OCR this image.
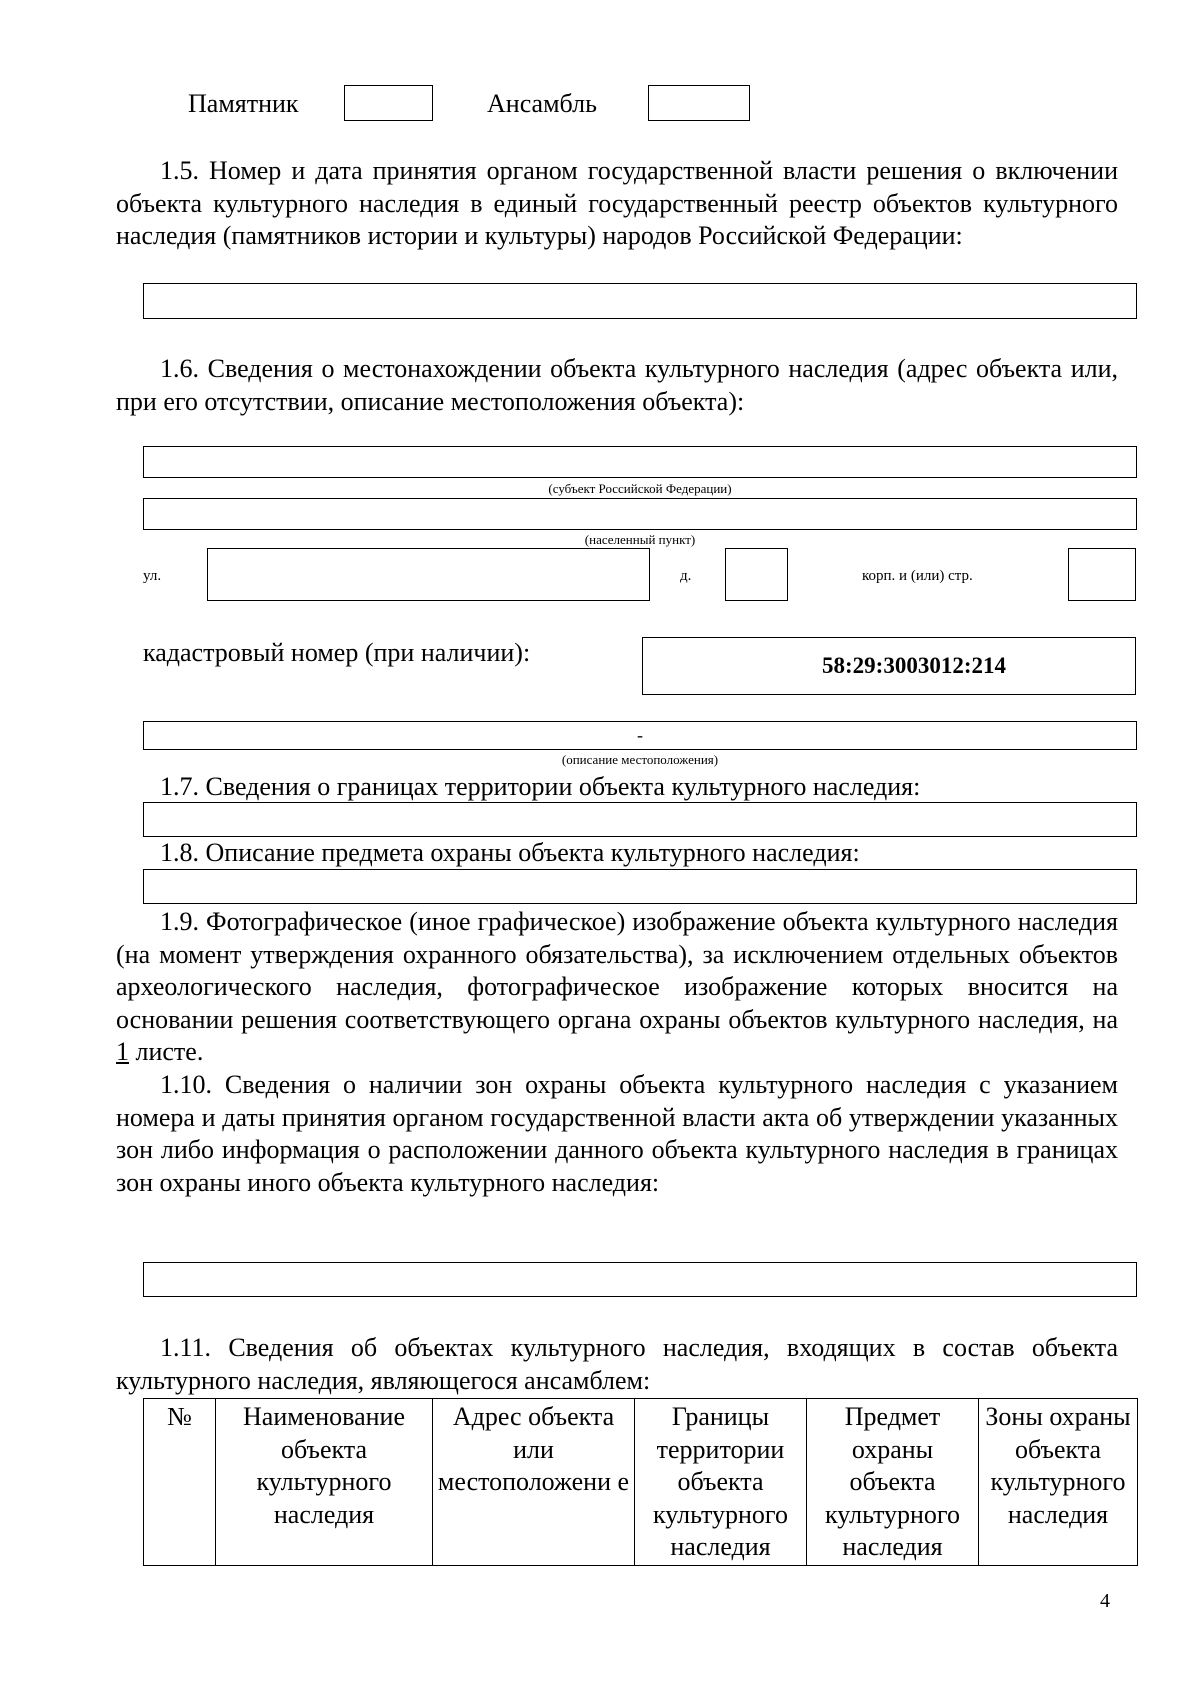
Памятник	Ансамбль
1.5. Номер и дата принятия органом государственной власти решения о включении объекта культурного наследия в единый государственный реестр объектов культурного наследия (памятников истории и культуры) народов Российской Федерации:
1.6. Сведения о местонахождении объекта культурного наследия (адрес объекта или, при его отсутствии, описание местоположения объекта):
(субъект Российской Федерации)
(населенный пункт)
ул.	д.	корп. и (или) стр.
кадастровый номер (при наличии):	58:29:3003012:214
-
(описание местоположения)
1.7. Сведения о границах территории объекта культурного наследия:
1.8. Описание предмета охраны объекта культурного наследия:
1.9. Фотографическое (иное графическое) изображение объекта культурного наследия (на момент утверждения охранного обязательства), за исключением отдельных объектов археологического наследия, фотографическое изображение которых вносится на основании решения соответствующего органа охраны объектов культурного наследия, на 1 листе.
1.10. Сведения о наличии зон охраны объекта культурного наследия с указанием номера и даты принятия органом государственной власти акта об утверждении указанных зон либо информация о расположении данного объекта культурного наследия в границах зон охраны иного объекта культурного наследия:
1.11. Сведения об объектах культурного наследия, входящих в состав объекта культурного наследия, являющегося ансамблем:
№	Наименование объекта культурного наследия	Адрес объекта или местоположени е	Границы территории объекта культурного наследия	Предмет охраны объекта культурного наследия	Зоны охраны объекта культурного наследия
4
